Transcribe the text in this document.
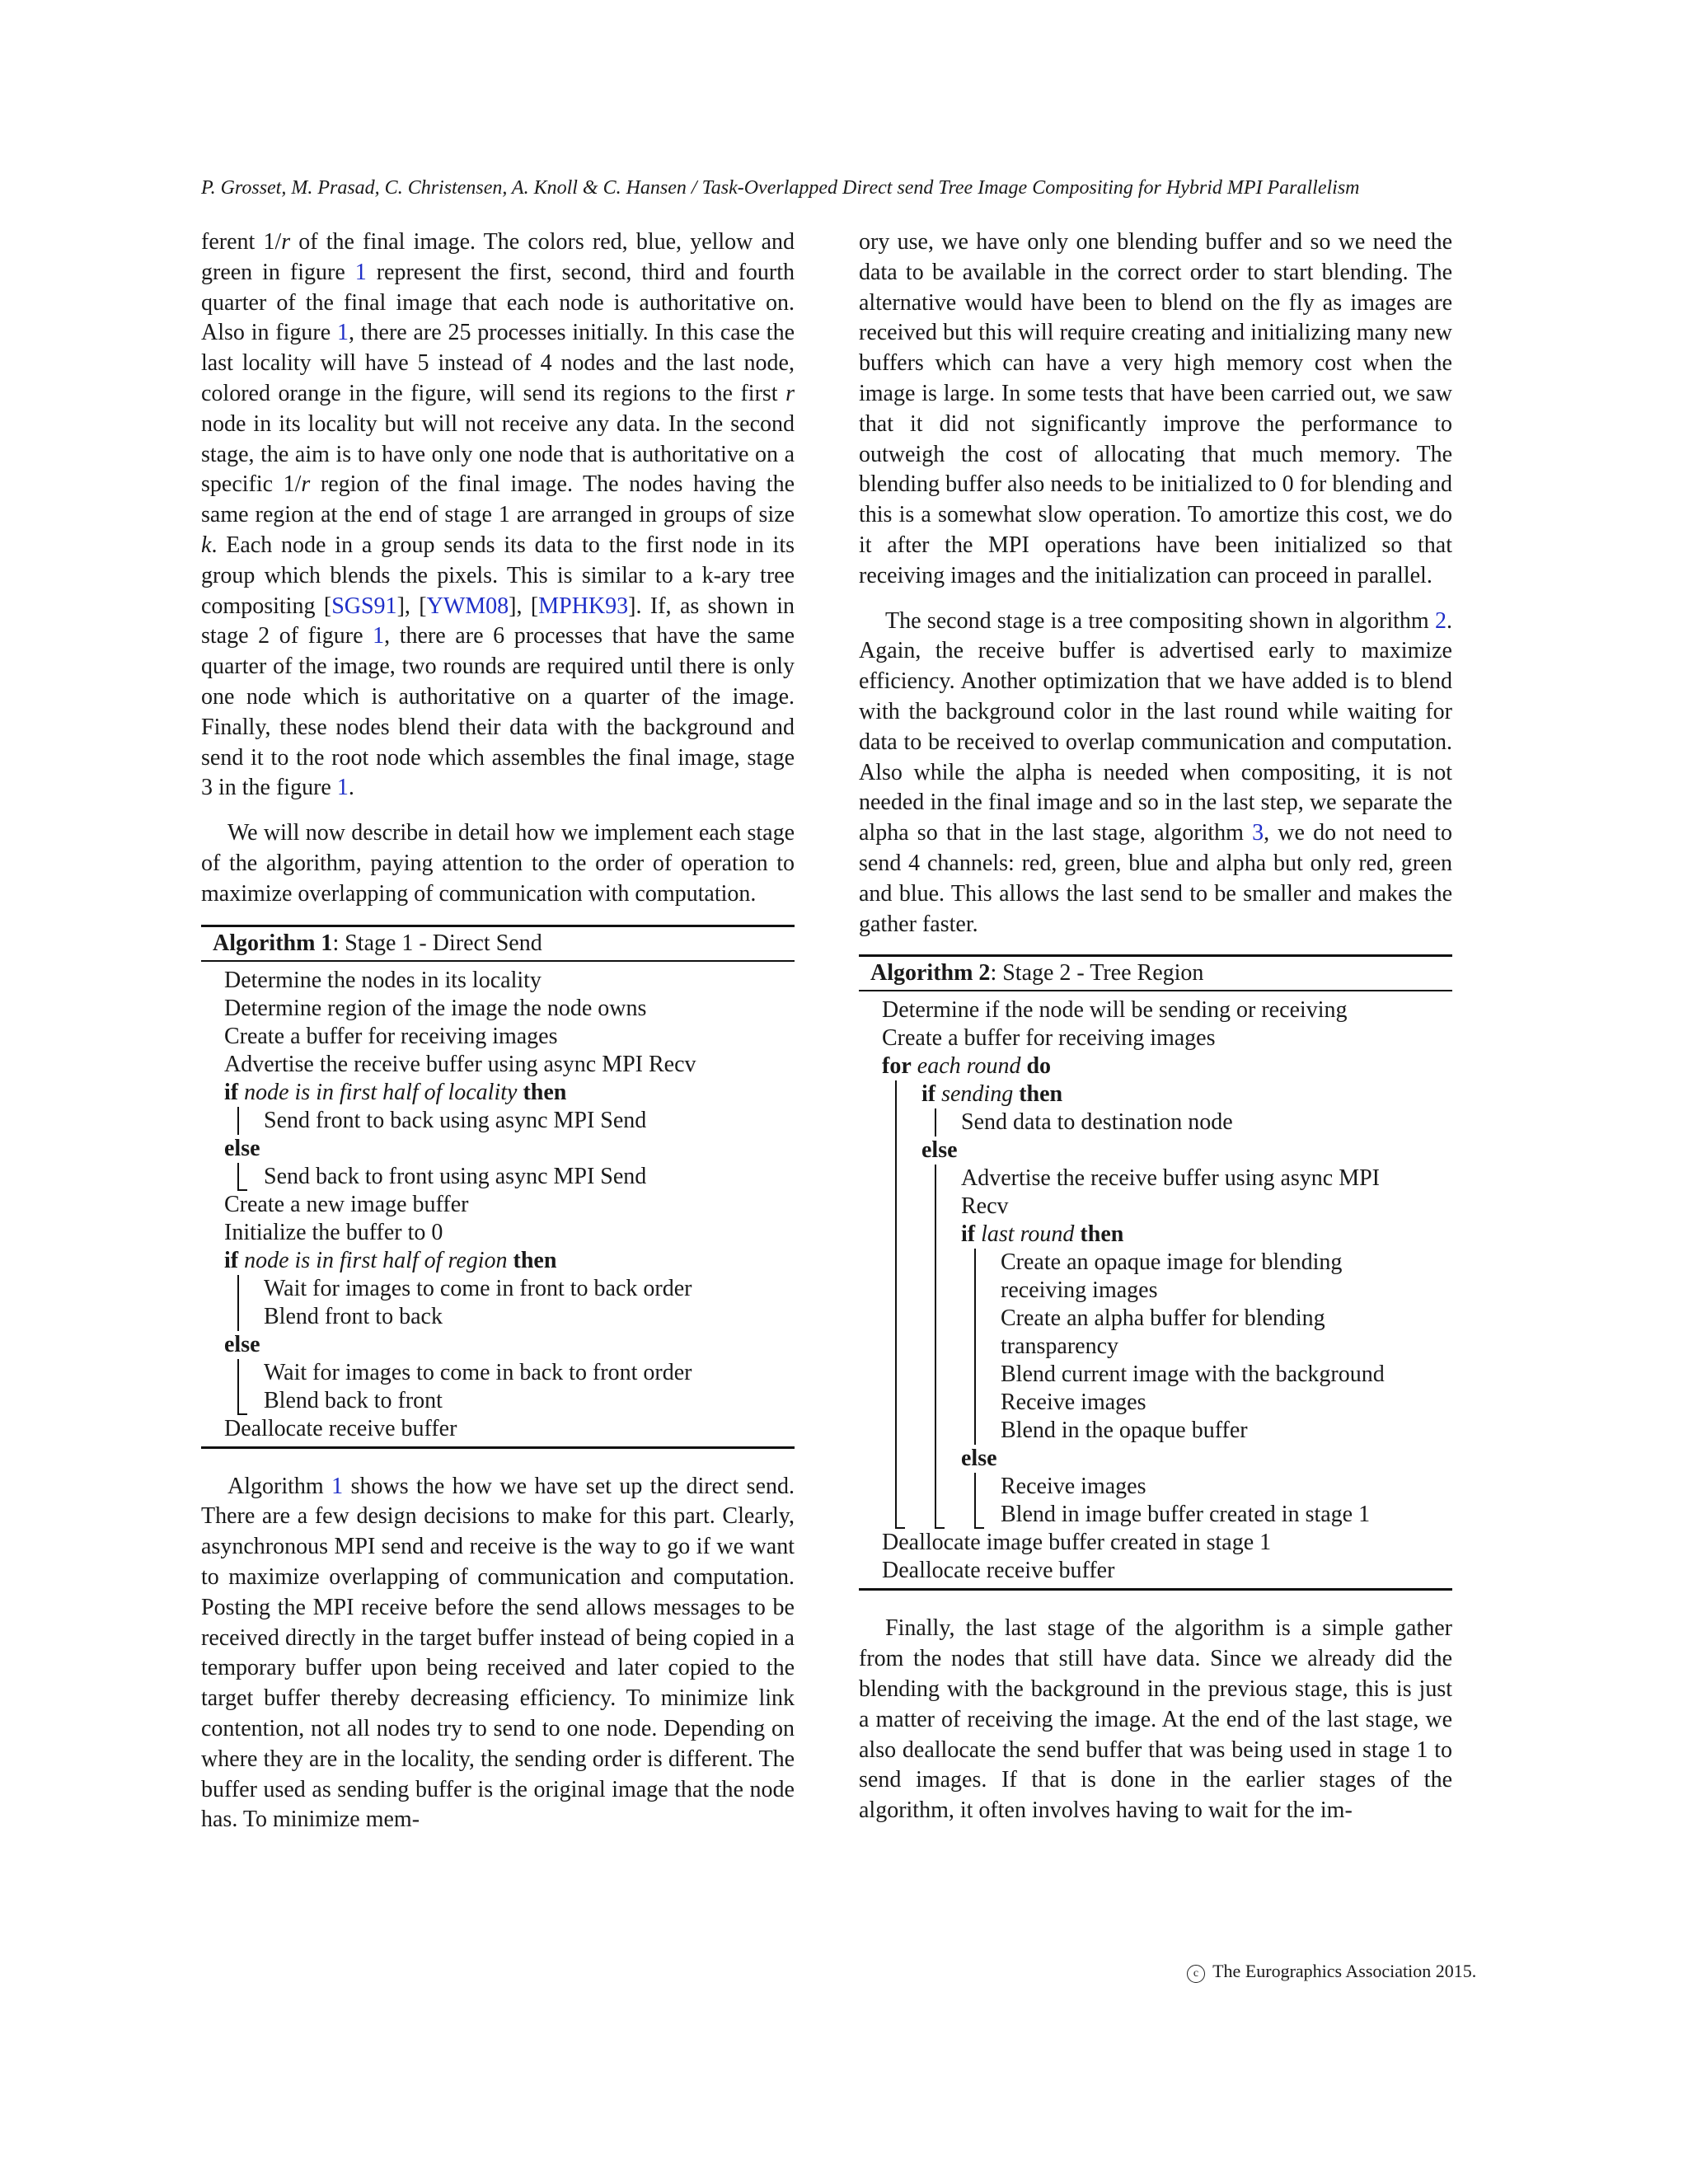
P. Grosset, M. Prasad, C. Christensen, A. Knoll & C. Hansen / Task-Overlapped Direct send Tree Image Compositing for Hybrid MPI Parallelism

ferent 1/r of the final image. The colors red, blue, yellow and green in figure 1 represent the first, second, third and fourth quarter of the final image that each node is authoritative on. Also in figure 1, there are 25 processes initially. In this case the last locality will have 5 instead of 4 nodes and the last node, colored orange in the figure, will send its regions to the first r node in its locality but will not receive any data. In the second stage, the aim is to have only one node that is authoritative on a specific 1/r region of the final image. The nodes having the same region at the end of stage 1 are arranged in groups of size k. Each node in a group sends its data to the first node in its group which blends the pixels. This is similar to a k-ary tree compositing [SGS91], [YWM08], [MPHK93]. If, as shown in stage 2 of figure 1, there are 6 processes that have the same quarter of the image, two rounds are required until there is only one node which is authoritative on a quarter of the image. Finally, these nodes blend their data with the background and send it to the root node which assembles the final image, stage 3 in the figure 1.

We will now describe in detail how we implement each stage of the algorithm, paying attention to the order of operation to maximize overlapping of communication with computation.

Algorithm 1: Stage 1 - Direct Send
Determine the nodes in its locality
Determine region of the image the node owns
Create a buffer for receiving images
Advertise the receive buffer using async MPI Recv
if node is in first half of locality then
Send front to back using async MPI Send
else
Send back to front using async MPI Send
Create a new image buffer
Initialize the buffer to 0
if node is in first half of region then
Wait for images to come in front to back order
Blend front to back
else
Wait for images to come in back to front order
Blend back to front
Deallocate receive buffer

Algorithm 1 shows the how we have set up the direct send. There are a few design decisions to make for this part. Clearly, asynchronous MPI send and receive is the way to go if we want to maximize overlapping of communication and computation. Posting the MPI receive before the send allows messages to be received directly in the target buffer instead of being copied in a temporary buffer upon being received and later copied to the target buffer thereby decreasing efficiency. To minimize link contention, not all nodes try to send to one node. Depending on where they are in the locality, the sending order is different. The buffer used as sending buffer is the original image that the node has. To minimize mem-

ory use, we have only one blending buffer and so we need the data to be available in the correct order to start blending. The alternative would have been to blend on the fly as images are received but this will require creating and initializing many new buffers which can have a very high memory cost when the image is large. In some tests that have been carried out, we saw that it did not significantly improve the performance to outweigh the cost of allocating that much memory. The blending buffer also needs to be initialized to 0 for blending and this is a somewhat slow operation. To amortize this cost, we do it after the MPI operations have been initialized so that receiving images and the initialization can proceed in parallel.

The second stage is a tree compositing shown in algorithm 2. Again, the receive buffer is advertised early to maximize efficiency. Another optimization that we have added is to blend with the background color in the last round while waiting for data to be received to overlap communication and computation. Also while the alpha is needed when compositing, it is not needed in the final image and so in the last step, we separate the alpha so that in the last stage, algorithm 3, we do not need to send 4 channels: red, green, blue and alpha but only red, green and blue. This allows the last send to be smaller and makes the gather faster.

Algorithm 2: Stage 2 - Tree Region
Determine if the node will be sending or receiving
Create a buffer for receiving images
for each round do
if sending then
Send data to destination node
else
Advertise the receive buffer using async MPI
Recv
if last round then
Create an opaque image for blending
receiving images
Create an alpha buffer for blending
transparency
Blend current image with the background
Receive images
Blend in the opaque buffer
else
Receive images
Blend in image buffer created in stage 1
Deallocate image buffer created in stage 1
Deallocate receive buffer

Finally, the last stage of the algorithm is a simple gather from the nodes that still have data. Since we already did the blending with the background in the previous stage, this is just a matter of receiving the image. At the end of the last stage, we also deallocate the send buffer that was being used in stage 1 to send images. If that is done in the earlier stages of the algorithm, it often involves having to wait for the im-

c The Eurographics Association 2015.
